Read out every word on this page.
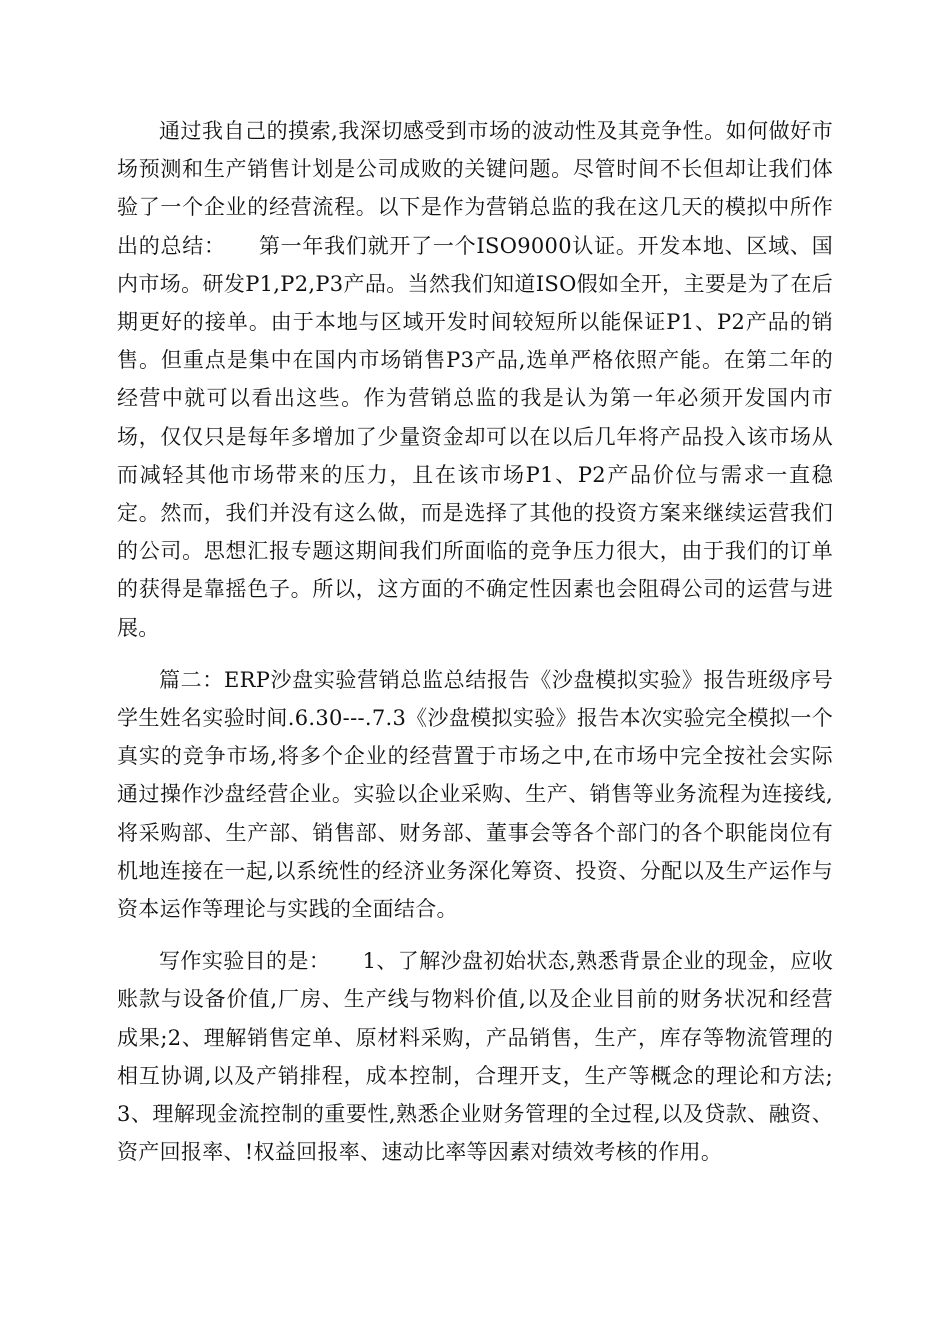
通过我自己的摸索,我深切感受到市场的波动性及其竞争性。如何做好市场预测和生产销售计划是公司成败的关键问题。尽管时间不长但却让我们体验了一个企业的经营流程。以下是作为营销总监的我在这几天的模拟中所作出的总结：　　第一年我们就开了一个ISO9000认证。开发本地、区域、国内市场。研发P1,P2,P3产品。当然我们知道ISO假如全开，主要是为了在后期更好的接单。由于本地与区域开发时间较短所以能保证P1、P2产品的销售。但重点是集中在国内市场销售P3产品,选单严格依照产能。在第二年的经营中就可以看出这些。作为营销总监的我是认为第一年必须开发国内市场，仅仅只是每年多增加了少量资金却可以在以后几年将产品投入该市场从而减轻其他市场带来的压力，且在该市场P1、P2产品价位与需求一直稳定。然而，我们并没有这么做，而是选择了其他的投资方案来继续运营我们的公司。思想汇报专题这期间我们所面临的竞争压力很大，由于我们的订单的获得是靠摇色子。所以，这方面的不确定性因素也会阻碍公司的运营与进展。

篇二：ERP沙盘实验营销总监总结报告《沙盘模拟实验》报告班级序号学生姓名实验时间.6.30---.7.3《沙盘模拟实验》报告本次实验完全模拟一个真实的竞争市场,将多个企业的经营置于市场之中,在市场中完全按社会实际通过操作沙盘经营企业。实验以企业采购、生产、销售等业务流程为连接线,将采购部、生产部、销售部、财务部、董事会等各个部门的各个职能岗位有机地连接在一起,以系统性的经济业务深化筹资、投资、分配以及生产运作与资本运作等理论与实践的全面结合。

写作实验目的是：　　1、了解沙盘初始状态,熟悉背景企业的现金，应收账款与设备价值,厂房、生产线与物料价值,以及企业目前的财务状况和经营成果;2、理解销售定单、原材料采购，产品销售，生产，库存等物流管理的相互协调,以及产销排程，成本控制，合理开支，生产等概念的理论和方法;　　　3、理解现金流控制的重要性,熟悉企业财务管理的全过程,以及贷款、融资、资产回报率、!权益回报率、速动比率等因素对绩效考核的作用。
